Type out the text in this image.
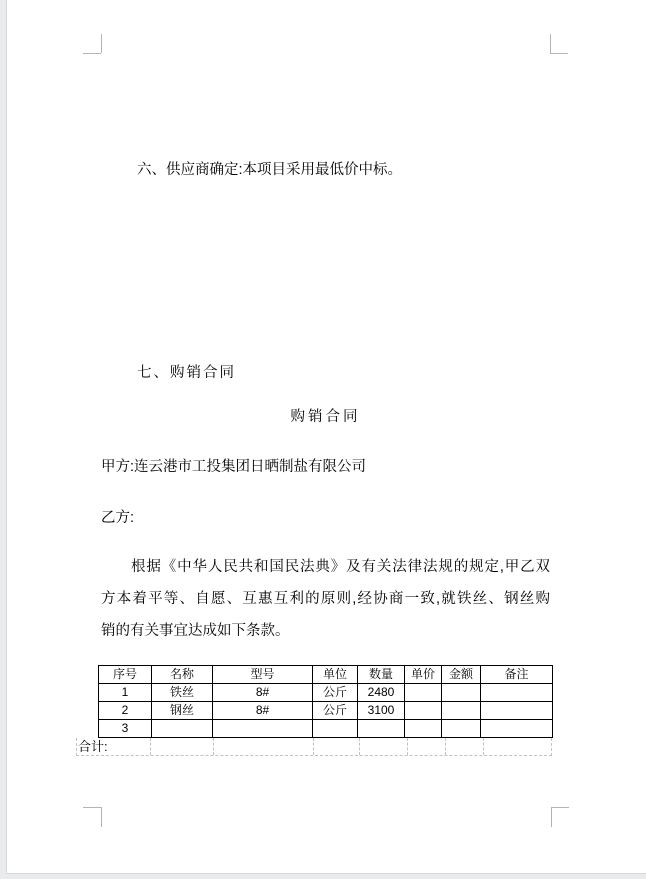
六、供应商确定:本项目采用最低价中标。
七、购销合同
购销合同
甲方:连云港市工投集团日晒制盐有限公司
乙方:
根据《中华人民共和国民法典》及有关法律法规的规定,甲乙双
方本着平等、自愿、互惠互利的原则,经协商一致,就铁丝、钢丝购
销的有关事宜达成如下条款。
序号	名称	型号	单位	数量	单价	金额	备注
1	铁丝	8#	公斤	2480			
2	钢丝	8#	公斤	3100			
3							
合计:
